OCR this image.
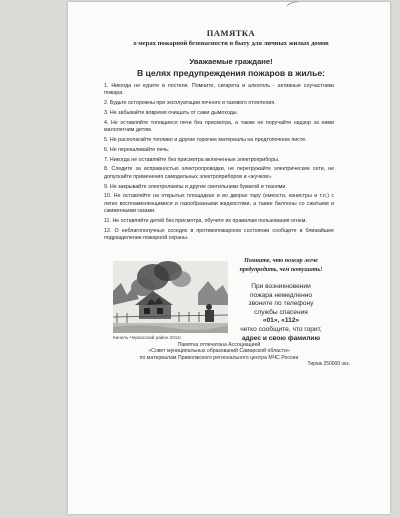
ПАМЯТКА
о мерах пожарной безопасности в быту для личных жилых домов
Уважаемые граждане!
В целях предупреждения пожаров в жилье:
1. Никогда не курите в постели. Помните, сигарета и алкоголь - активные соучастники пожара.
2. Будьте осторожны при эксплуатации печного и газового отопления.
3. Не забывайте вовремя очищать от сажи дымоходы.
4. Не оставляйте топящиеся печи без присмотра, а также не поручайте надзор за ними малолетним детям.
5. Не располагайте топливо и другие горючие материалы на предтопочном листе.
6. Не перекаливайте печь.
7. Никогда не оставляйте без присмотра включенные электроприборы.
8. Следите за исправностью электропроводки, не перегружайте электрические сети, не допускайте применения самодельных электроприборов и «жучков».
9. Не закрывайте электролампы и другие светильники бумагой и тканями.
10. Не оставляйте на открытых площадках и во дворах тару (емкости, канистры и т.п.) с легко воспламеняющимися и газообразными жидкостями, а также баллоны со сжатыми и сжиженными газами.
11. Не оставляйте детей без присмотра, обучите их правилам пользования огнем.
12. О неблагополучных соседях в противопожарном состоянии сообщите в ближайшее подразделение пожарной охраны.
Кинель-Черкасский район 2011г.
Помните, что пожар легче предупредить, чем потушить!
При возникновении
пожара немедленно
звоните по телефону
службы спасения
«01», «112»
четко сообщите, что горит,
адрес и свою фамилию
Памятка отпечатана Ассоциацией
«Совет муниципальных образований Самарской области»
по материалам Приволжского регионального центра МЧС России
Тираж 250000 экз.
